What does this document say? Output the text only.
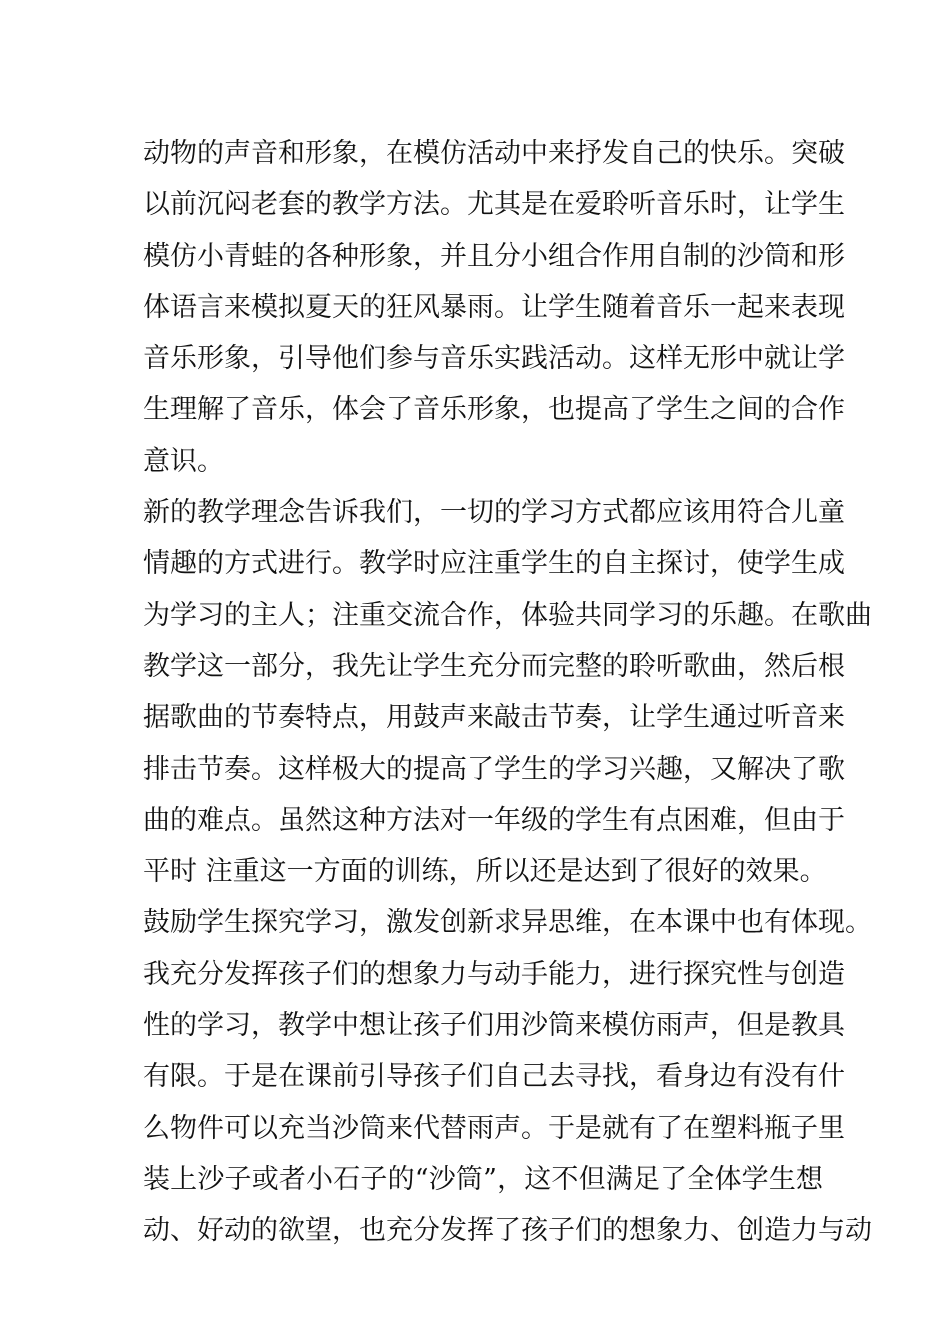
动物的声音和形象，在模仿活动中来抒发自己的快乐。突破
以前沉闷老套的教学方法。尤其是在爱聆听音乐时，让学生
模仿小青蛙的各种形象，并且分小组合作用自制的沙筒和形
体语言来模拟夏天的狂风暴雨。让学生随着音乐一起来表现
音乐形象，引导他们参与音乐实践活动。这样无形中就让学
生理解了音乐，体会了音乐形象，也提高了学生之间的合作
意识。
新的教学理念告诉我们，一切的学习方式都应该用符合儿童
情趣的方式进行。教学时应注重学生的自主探讨，使学生成
为学习的主人；注重交流合作，体验共同学习的乐趣。在歌曲
教学这一部分，我先让学生充分而完整的聆听歌曲，然后根
据歌曲的节奏特点，用鼓声来敲击节奏，让学生通过听音来
排击节奏。这样极大的提高了学生的学习兴趣，又解决了歌
曲的难点。虽然这种方法对一年级的学生有点困难，但由于
平时 注重这一方面的训练，所以还是达到了很好的效果。
鼓励学生探究学习，激发创新求异思维，在本课中也有体现。
我充分发挥孩子们的想象力与动手能力，进行探究性与创造
性的学习，教学中想让孩子们用沙筒来模仿雨声，但是教具
有限。于是在课前引导孩子们自己去寻找，看身边有没有什
么物件可以充当沙筒来代替雨声。于是就有了在塑料瓶子里
装上沙子或者小石子的“沙筒”，这不但满足了全体学生想
动、好动的欲望，也充分发挥了孩子们的想象力、创造力与动
